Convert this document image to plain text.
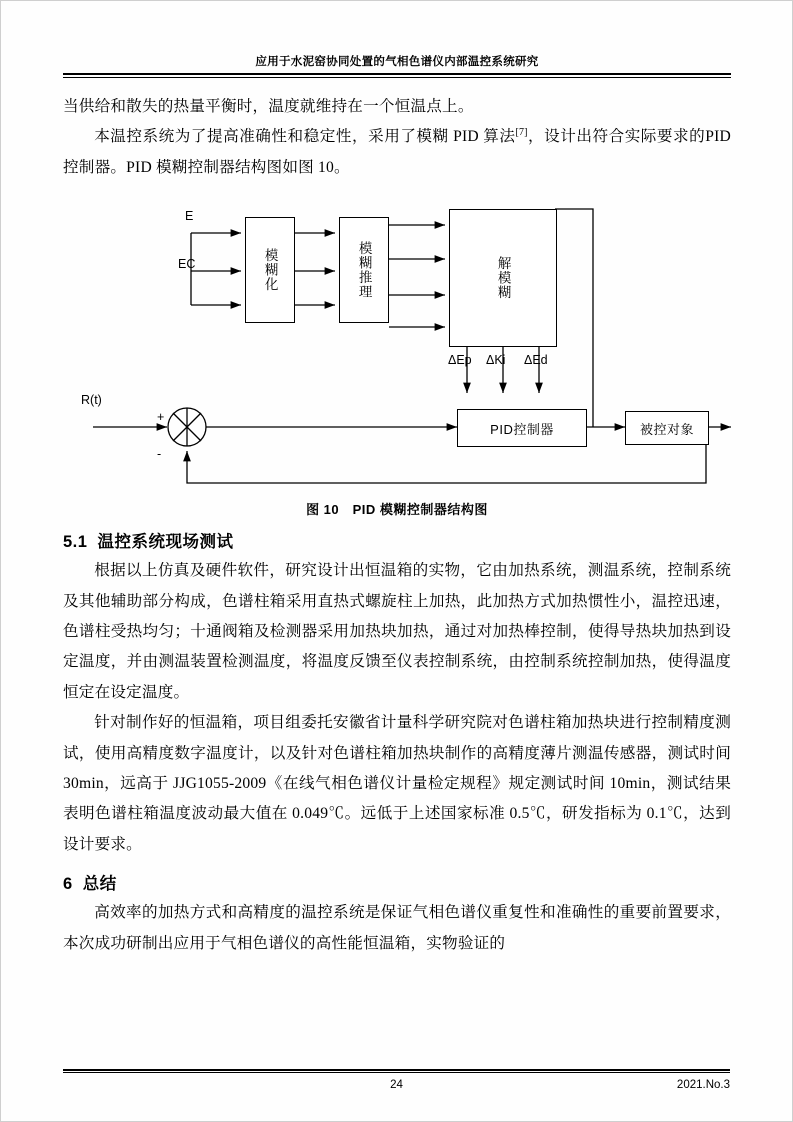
应用于水泥窑协同处置的气相色谱仪内部温控系统研究

当供给和散失的热量平衡时，温度就维持在一个恒温点上。

本温控系统为了提高准确性和稳定性，采用了模糊 PID 算法[7]，设计出符合实际要求的PID 控制器。PID 模糊控制器结构图如图 10。

模糊化	模糊推理	解模糊
PID控制器	被控对象
E
EC
ΔEp ΔKi ΔEd
R(t)
+
-
图 10　PID 模糊控制器结构图
5.1 温控系统现场测试

根据以上仿真及硬件软件，研究设计出恒温箱的实物，它由加热系统，测温系统，控制系统及其他辅助部分构成，色谱柱箱采用直热式螺旋柱上加热，此加热方式加热惯性小，温控迅速，色谱柱受热均匀；十通阀箱及检测器采用加热块加热，通过对加热棒控制，使得导热块加热到设定温度，并由测温装置检测温度，将温度反馈至仪表控制系统，由控制系统控制加热，使得温度恒定在设定温度。

针对制作好的恒温箱，项目组委托安徽省计量科学研究院对色谱柱箱加热块进行控制精度测试，使用高精度数字温度计，以及针对色谱柱箱加热块制作的高精度薄片测温传感器，测试时间 30min，远高于 JJG1055-2009《在线气相色谱仪计量检定规程》规定测试时间 10min，测试结果表明色谱柱箱温度波动最大值在 0.049℃。远低于上述国家标准 0.5℃，研发指标为 0.1℃，达到设计要求。

6 总结

高效率的加热方式和高精度的温控系统是保证气相色谱仪重复性和准确性的重要前置要求，本次成功研制出应用于气相色谱仪的高性能恒温箱，实物验证的

24	2021.No.3
